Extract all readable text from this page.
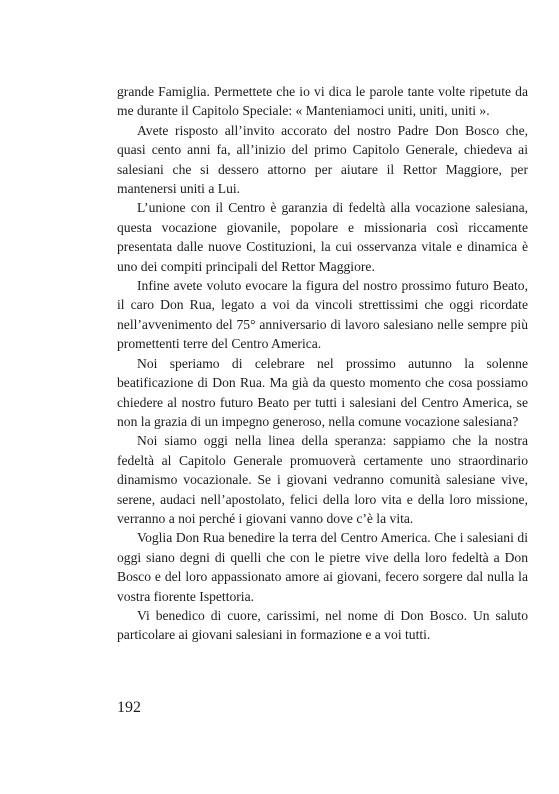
grande Famiglia. Permettete che io vi dica le parole tante volte ripetute da me durante il Capitolo Speciale: « Manteniamoci uniti, uniti, uniti ».

Avete risposto all’invito accorato del nostro Padre Don Bosco che, quasi cento anni fa, all’inizio del primo Capitolo Generale, chiedeva ai salesiani che si dessero attorno per aiutare il Rettor Maggiore, per mantenersi uniti a Lui.

L’unione con il Centro è garanzia di fedeltà alla vocazione salesiana, questa vocazione giovanile, popolare e missionaria così riccamente presentata dalle nuove Costituzioni, la cui osservanza vitale e dinamica è uno dei compiti principali del Rettor Maggiore.

Infine avete voluto evocare la figura del nostro prossimo futuro Beato, il caro Don Rua, legato a voi da vincoli strettissimi che oggi ricordate nell’avvenimento del 75° anniversario di lavoro salesiano nelle sempre più promettenti terre del Centro America.

Noi speriamo di celebrare nel prossimo autunno la solenne beatificazione di Don Rua. Ma già da questo momento che cosa possiamo chiedere al nostro futuro Beato per tutti i salesiani del Centro America, se non la grazia di un impegno generoso, nella comune vocazione salesiana?

Noi siamo oggi nella linea della speranza: sappiamo che la nostra fedeltà al Capitolo Generale promuoverà certamente uno straordinario dinamismo vocazionale. Se i giovani vedranno comunità salesiane vive, serene, audaci nell’apostolato, felici della loro vita e della loro missione, verranno a noi perché i giovani vanno dove c’è la vita.

Voglia Don Rua benedire la terra del Centro America. Che i salesiani di oggi siano degni di quelli che con le pietre vive della loro fedeltà a Don Bosco e del loro appassionato amore ai giovani, fecero sorgere dal nulla la vostra fiorente Ispettoria.

Vi benedico di cuore, carissimi, nel nome di Don Bosco. Un saluto particolare ai giovani salesiani in formazione e a voi tutti.

192
